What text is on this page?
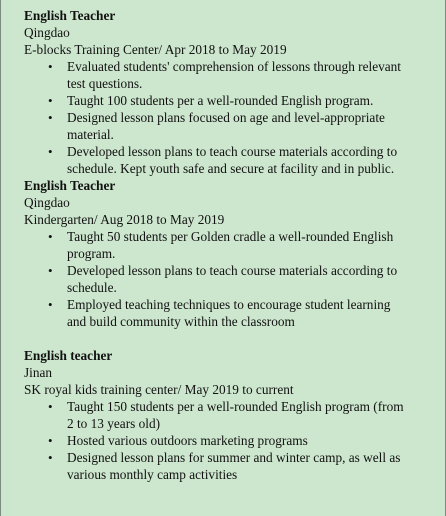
English Teacher
Qingdao
E-blocks Training Center/ Apr 2018 to May 2019
• Evaluated students' comprehension of lessons through relevant test questions.
• Taught 100 students per a well-rounded English program.
• Designed lesson plans focused on age and level-appropriate material.
• Developed lesson plans to teach course materials according to schedule. Kept youth safe and secure at facility and in public.
English Teacher
Qingdao
Kindergarten/ Aug 2018 to May 2019
• Taught 50 students per Golden cradle a well-rounded English program.
• Developed lesson plans to teach course materials according to schedule.
• Employed teaching techniques to encourage student learning and build community within the classroom
English teacher
Jinan
SK royal kids training center/ May 2019 to current
• Taught 150 students per a well-rounded English program (from 2 to 13 years old)
• Hosted various outdoors marketing programs
• Designed lesson plans for summer and winter camp, as well as various monthly camp activities
